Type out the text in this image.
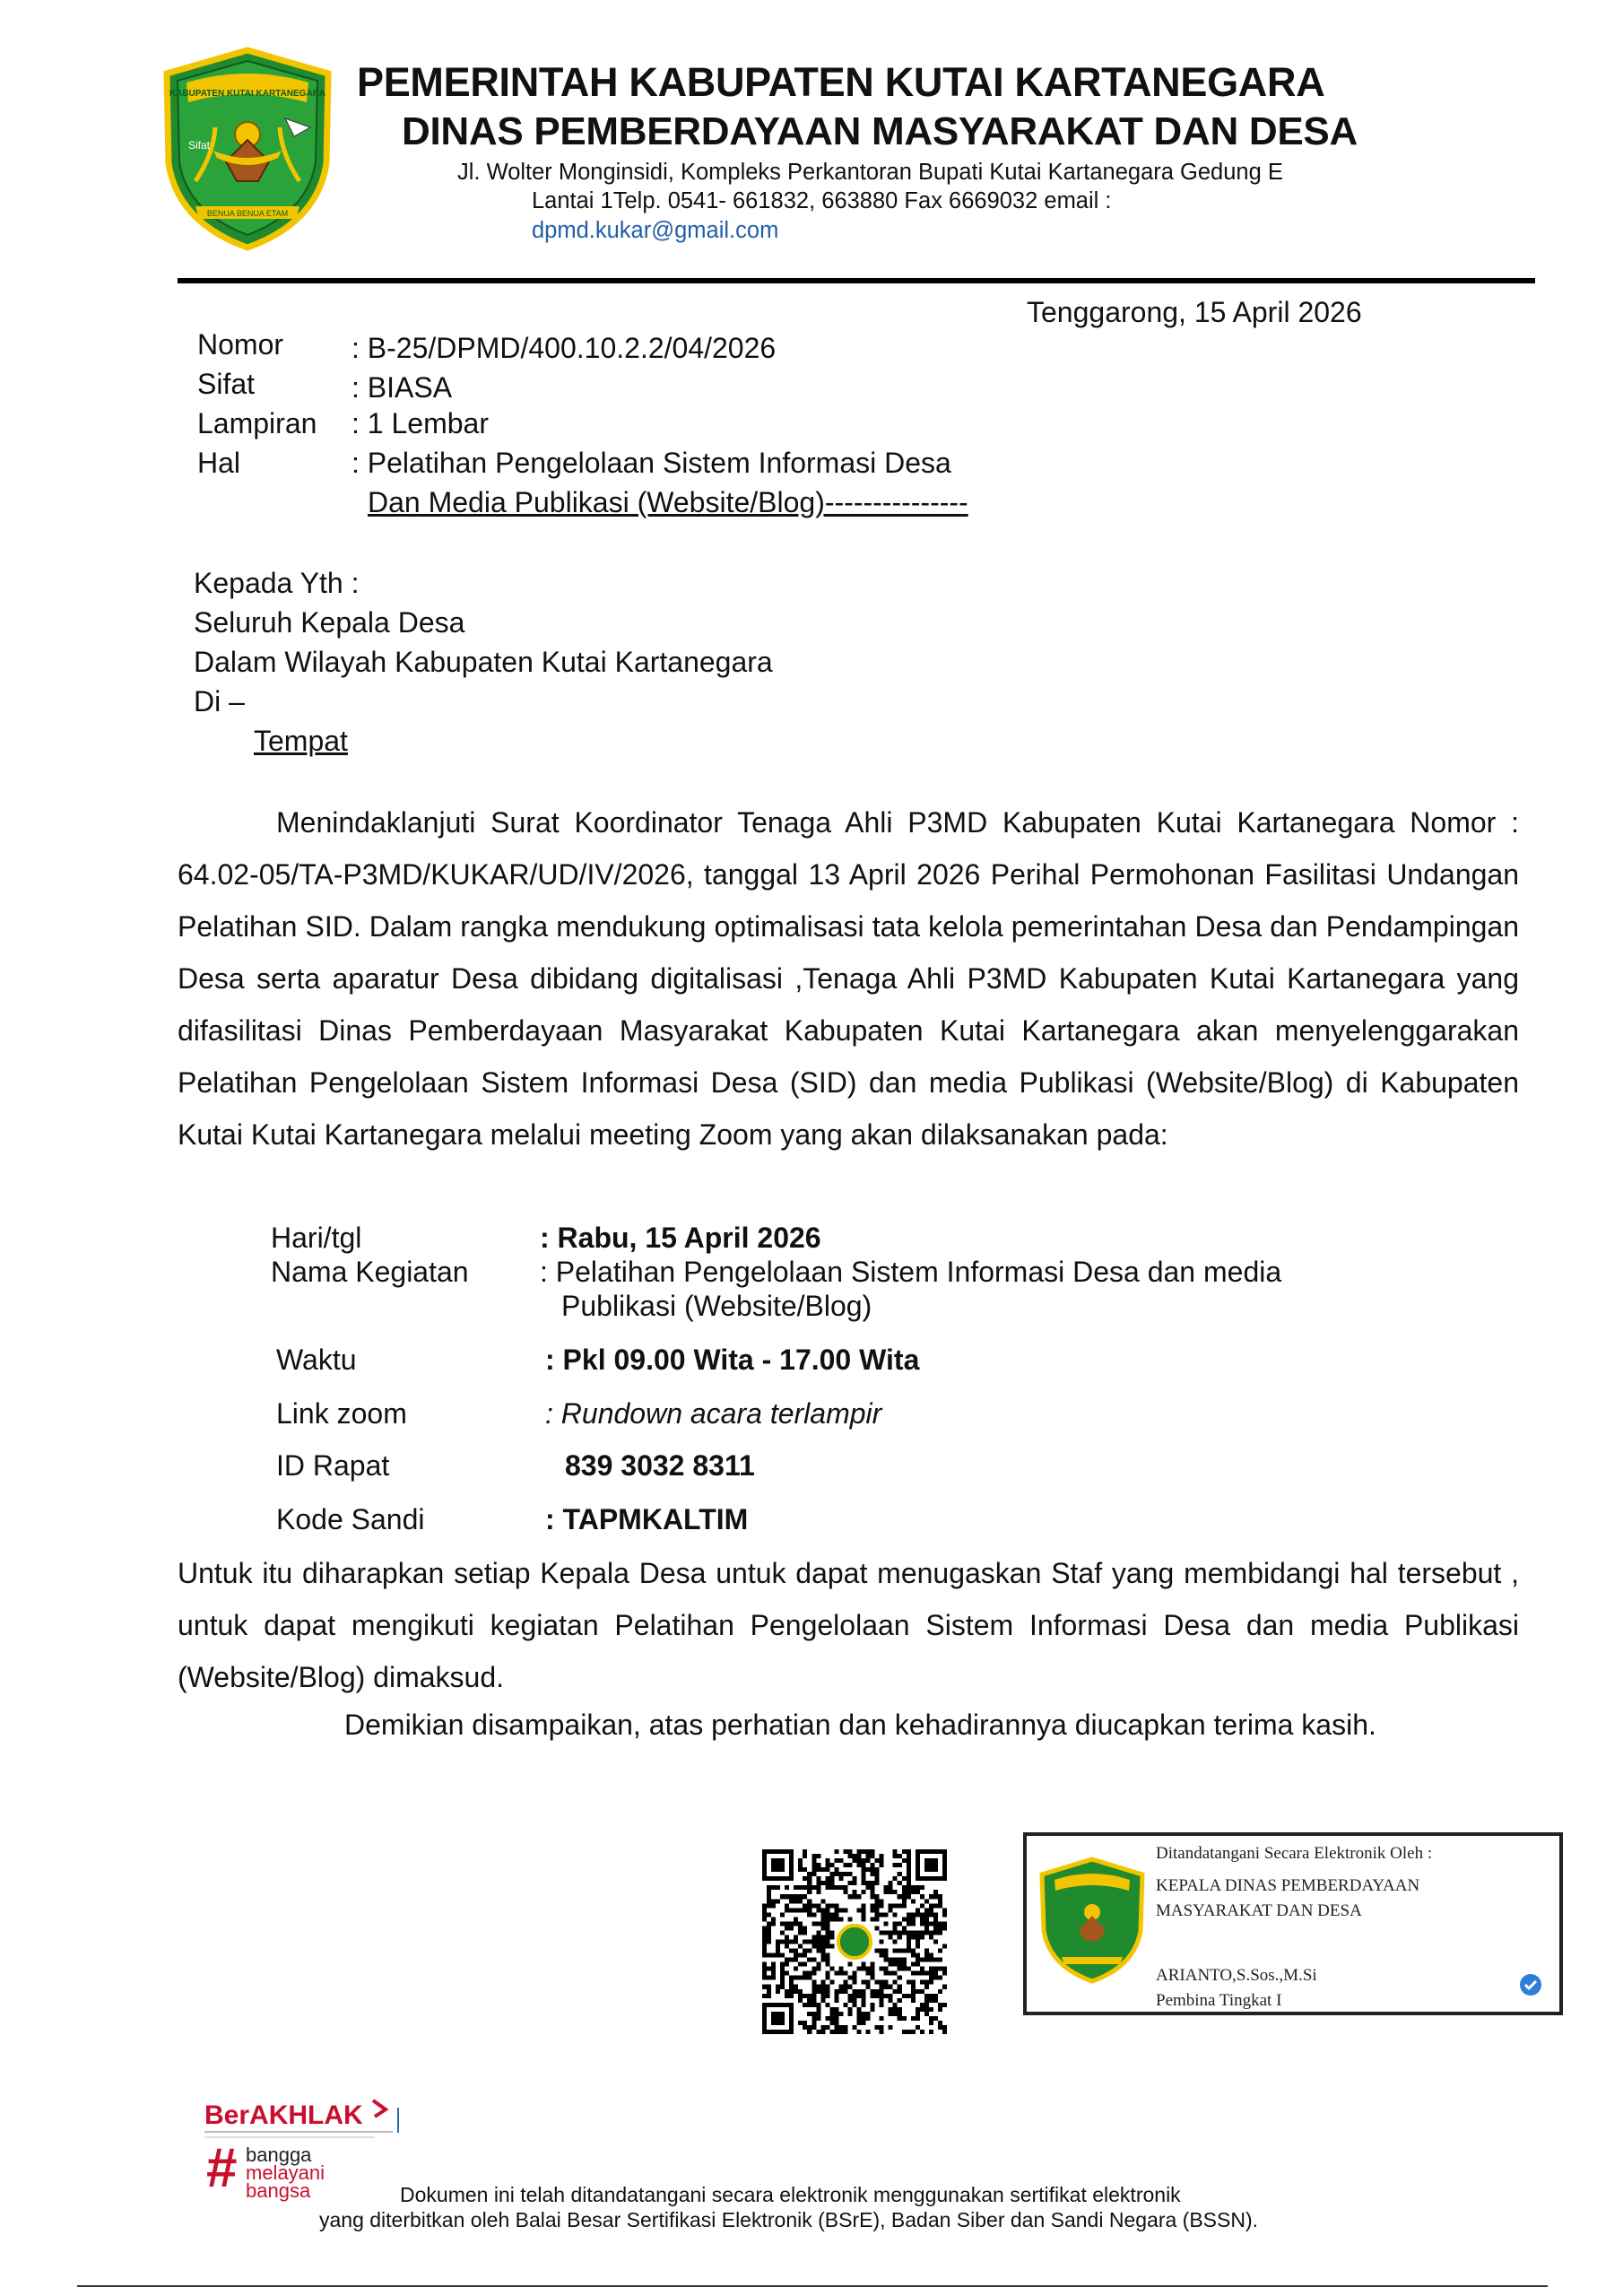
KABUPATEN KUTAI KARTANEGARA
Sifat
BENUA BENUA ETAM
PEMERINTAH KABUPATEN KUTAI KARTANEGARA
DINAS PEMBERDAYAAN MASYARAKAT DAN DESA
Jl. Wolter Monginsidi, Kompleks Perkantoran Bupati Kutai Kartanegara Gedung E
Lantai 1Telp. 0541- 661832, 663880 Fax 6669032 email :
dpmd.kukar@gmail.com
Tenggarong, 15 April 2026
Nomor : B-25/DPMD/400.10.2.2/04/2026
Sifat	: BIASA
Lampiran : 1 Lembar
Hal	: Pelatihan Pengelolaan Sistem Informasi Desa
Dan Media Publikasi (Website/Blog)---------------
Kepada Yth :
Seluruh Kepala Desa
Dalam Wilayah Kabupaten Kutai Kartanegara
Di –
Tempat
Menindaklanjuti Surat Koordinator Tenaga Ahli P3MD Kabupaten Kutai Kartanegara Nomor : 64.02-05/TA-P3MD/KUKAR/UD/IV/2026, tanggal 13 April 2026 Perihal Permohonan Fasilitasi Undangan Pelatihan SID. Dalam rangka mendukung optimalisasi tata kelola pemerintahan Desa dan Pendampingan Desa serta aparatur Desa dibidang digitalisasi ,Tenaga Ahli P3MD Kabupaten Kutai Kartanegara yang difasilitasi Dinas Pemberdayaan Masyarakat Kabupaten Kutai Kartanegara akan menyelenggarakan Pelatihan Pengelolaan Sistem Informasi Desa (SID) dan media Publikasi (Website/Blog) di Kabupaten Kutai Kutai Kartanegara melalui meeting Zoom yang akan dilaksanakan pada:
Hari/tgl	: Rabu, 15 April 2026
Nama Kegiatan : Pelatihan Pengelolaan Sistem Informasi Desa dan media
Publikasi (Website/Blog)
Waktu	: Pkl 09.00 Wita - 17.00 Wita
Link zoom	: Rundown acara terlampir
ID Rapat	839 3032 8311
Kode Sandi	: TAPMKALTIM
Untuk itu diharapkan setiap Kepala Desa untuk dapat menugaskan Staf yang membidangi hal tersebut , untuk dapat mengikuti kegiatan Pelatihan Pengelolaan Sistem Informasi Desa dan media Publikasi (Website/Blog) dimaksud.
Demikian disampaikan, atas perhatian dan kehadirannya diucapkan terima kasih.
Ditandatangani Secara Elektronik Oleh :
KEPALA DINAS PEMBERDAYAAN
MASYARAKAT DAN DESA
ARIANTO,S.Sos.,M.Si
Pembina Tingkat I
BerAKHLAK
# bangga
melayani
bangsa	Dokumen ini telah ditandatangani secara elektronik menggunakan sertifikat elektronik
yang diterbitkan oleh Balai Besar Sertifikasi Elektronik (BSrE), Badan Siber dan Sandi Negara (BSSN).
